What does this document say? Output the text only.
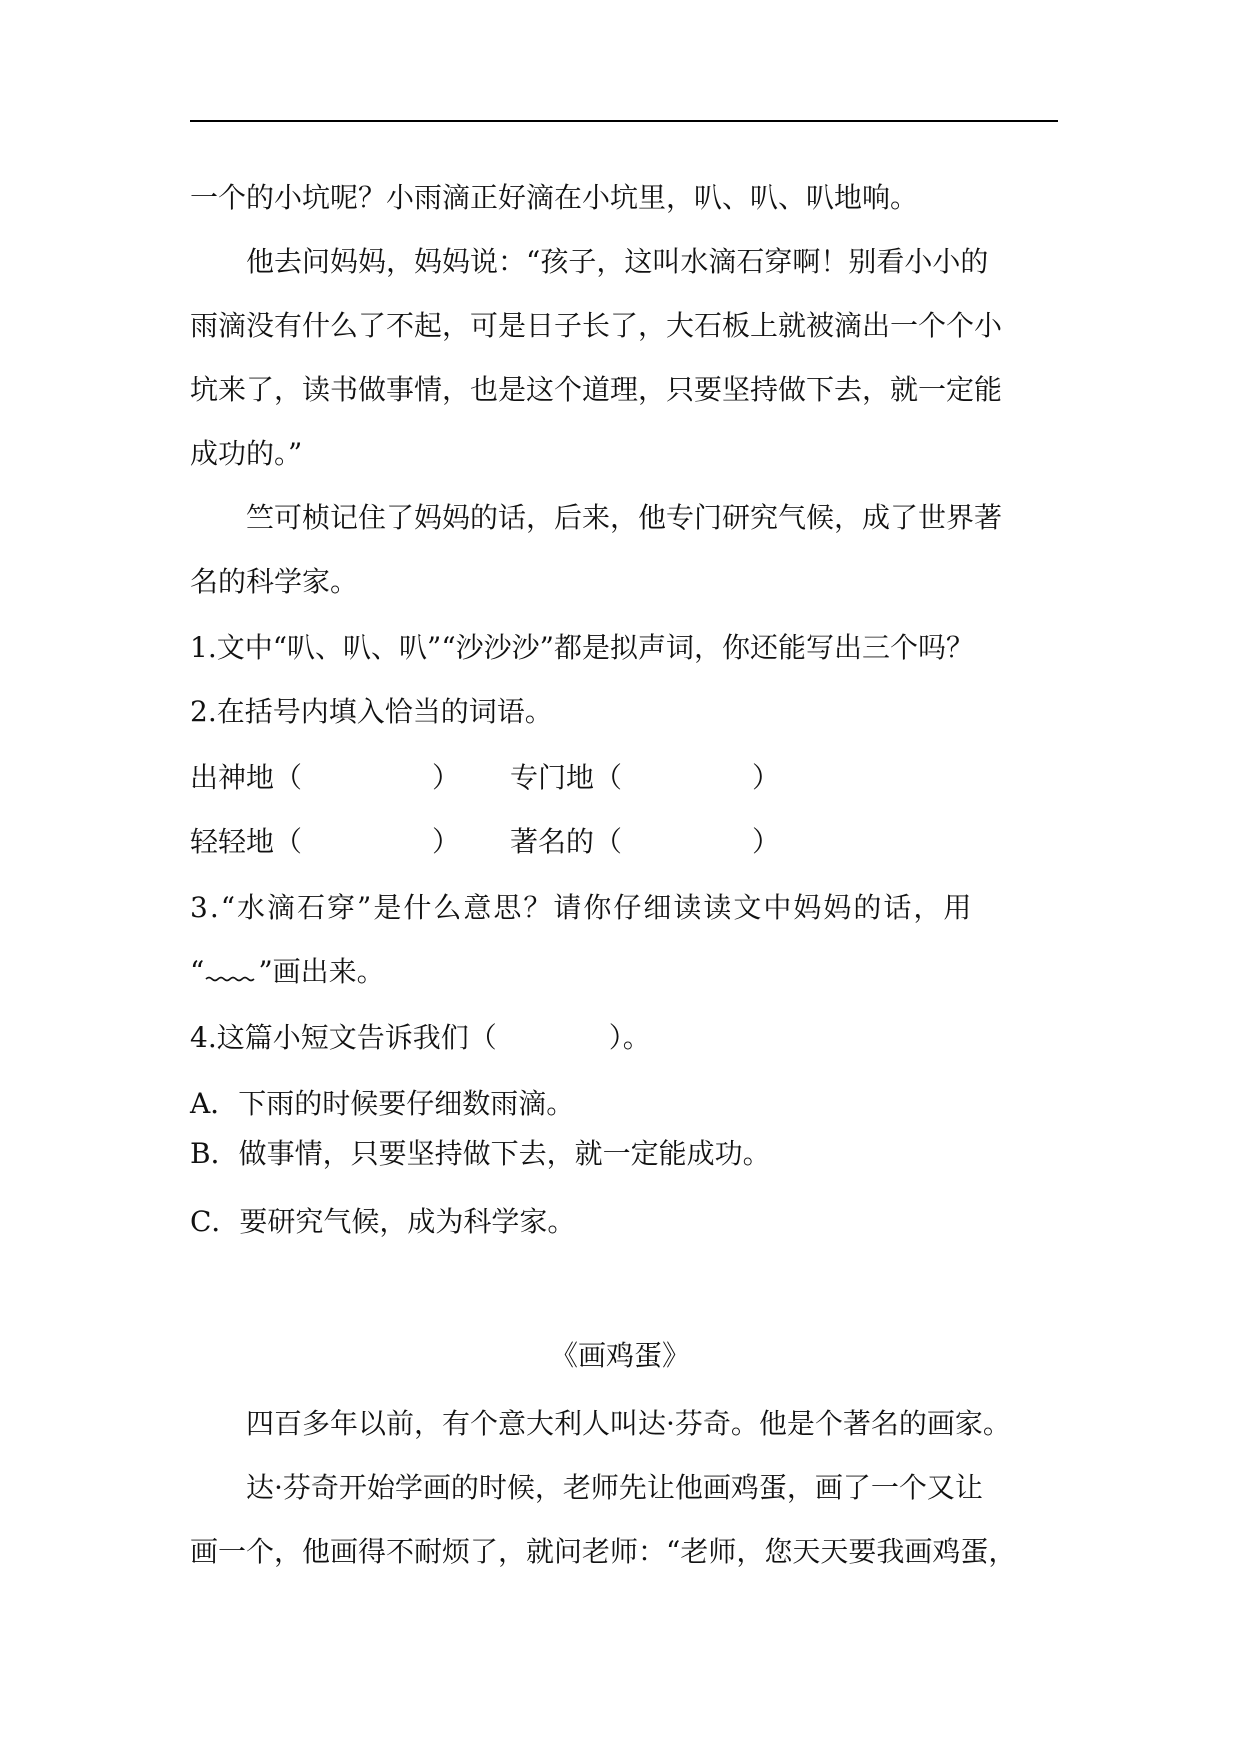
一个的小坑呢？小雨滴正好滴在小坑里，叭、叭、叭地响。
他去问妈妈，妈妈说：“孩子，这叫水滴石穿啊！别看小小的
雨滴没有什么了不起，可是日子长了，大石板上就被滴出一个个小
坑来了，读书做事情，也是这个道理，只要坚持做下去，就一定能
成功的。”
竺可桢记住了妈妈的话，后来，他专门研究气候，成了世界著
名的科学家。
1.文中“叭、叭、叭”“沙沙沙”都是拟声词，你还能写出三个吗？
2.在括号内填入恰当的词语。
出神地（	）	专门地（	）
轻轻地（	）	著名的（	）
3.“水滴石穿”是什么意思？请你仔细读读文中妈妈的话，用
“ ”画出来。
4.这篇小短文告诉我们（　　　　）。
A．下雨的时候要仔细数雨滴。
B．做事情，只要坚持做下去，就一定能成功。
C．要研究气候，成为科学家。
《画鸡蛋》
四百多年以前，有个意大利人叫达·芬奇。他是个著名的画家。
达·芬奇开始学画的时候，老师先让他画鸡蛋，画了一个又让
画一个，他画得不耐烦了，就问老师：“老师，您天天要我画鸡蛋，
